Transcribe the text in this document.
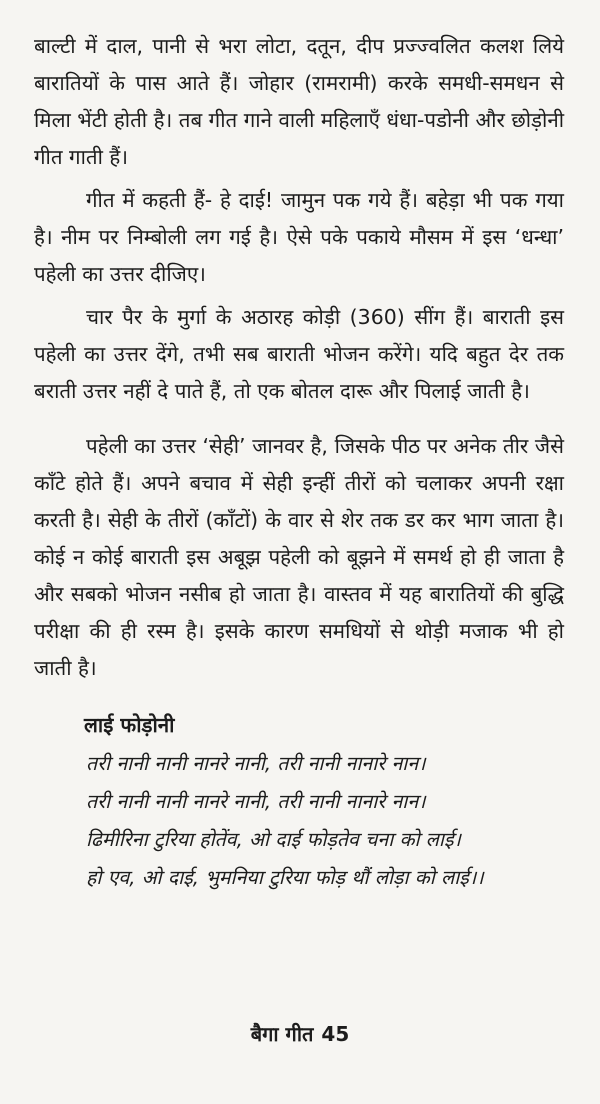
बाल्टी में दाल, पानी से भरा लोटा, दतून, दीप प्रज्ज्वलित कलश लिये बारातियों के पास आते हैं। जोहार (रामरामी) करके समधी-समधन से मिला भेंटी होती है। तब गीत गाने वाली महिलाएँ धंधा-पडोनी और छोड़ोनी गीत गाती हैं।

गीत में कहती हैं- हे दाई! जामुन पक गये हैं। बहेड़ा भी पक गया है। नीम पर निम्बोली लग गई है। ऐसे पके पकाये मौसम में इस ‘धन्धा’ पहेली का उत्तर दीजिए।

चार पैर के मुर्गा के अठारह कोड़ी (360) सींग हैं। बाराती इस पहेली का उत्तर देंगे, तभी सब बाराती भोजन करेंगे। यदि बहुत देर तक बराती उत्तर नहीं दे पाते हैं, तो एक बोतल दारू और पिलाई जाती है।

पहेली का उत्तर ‘सेही’ जानवर है, जिसके पीठ पर अनेक तीर जैसे काँटे होते हैं। अपने बचाव में सेही इन्हीं तीरों को चलाकर अपनी रक्षा करती है। सेही के तीरों (काँटों) के वार से शेर तक डर कर भाग जाता है। कोई न कोई बाराती इस अबूझ पहेली को बूझने में समर्थ हो ही जाता है और सबको भोजन नसीब हो जाता है। वास्तव में यह बारातियों की बुद्धि परीक्षा की ही रस्म है। इसके कारण समधियों से थोड़ी मजाक भी हो जाती है।

लाई फोड़ोनी

तरी नानी नानी नानरे नानी, तरी नानी नानारे नान।

तरी नानी नानी नानरे नानी, तरी नानी नानारे नान।

ढिमीरिना टुरिया होतेंव, ओ दाई फोड़तेव चना को लाई।

हो एव, ओ दाई, भुमनिया टुरिया फोड़ थौं लोड़ा को लाई।।

बैगा गीत 45
